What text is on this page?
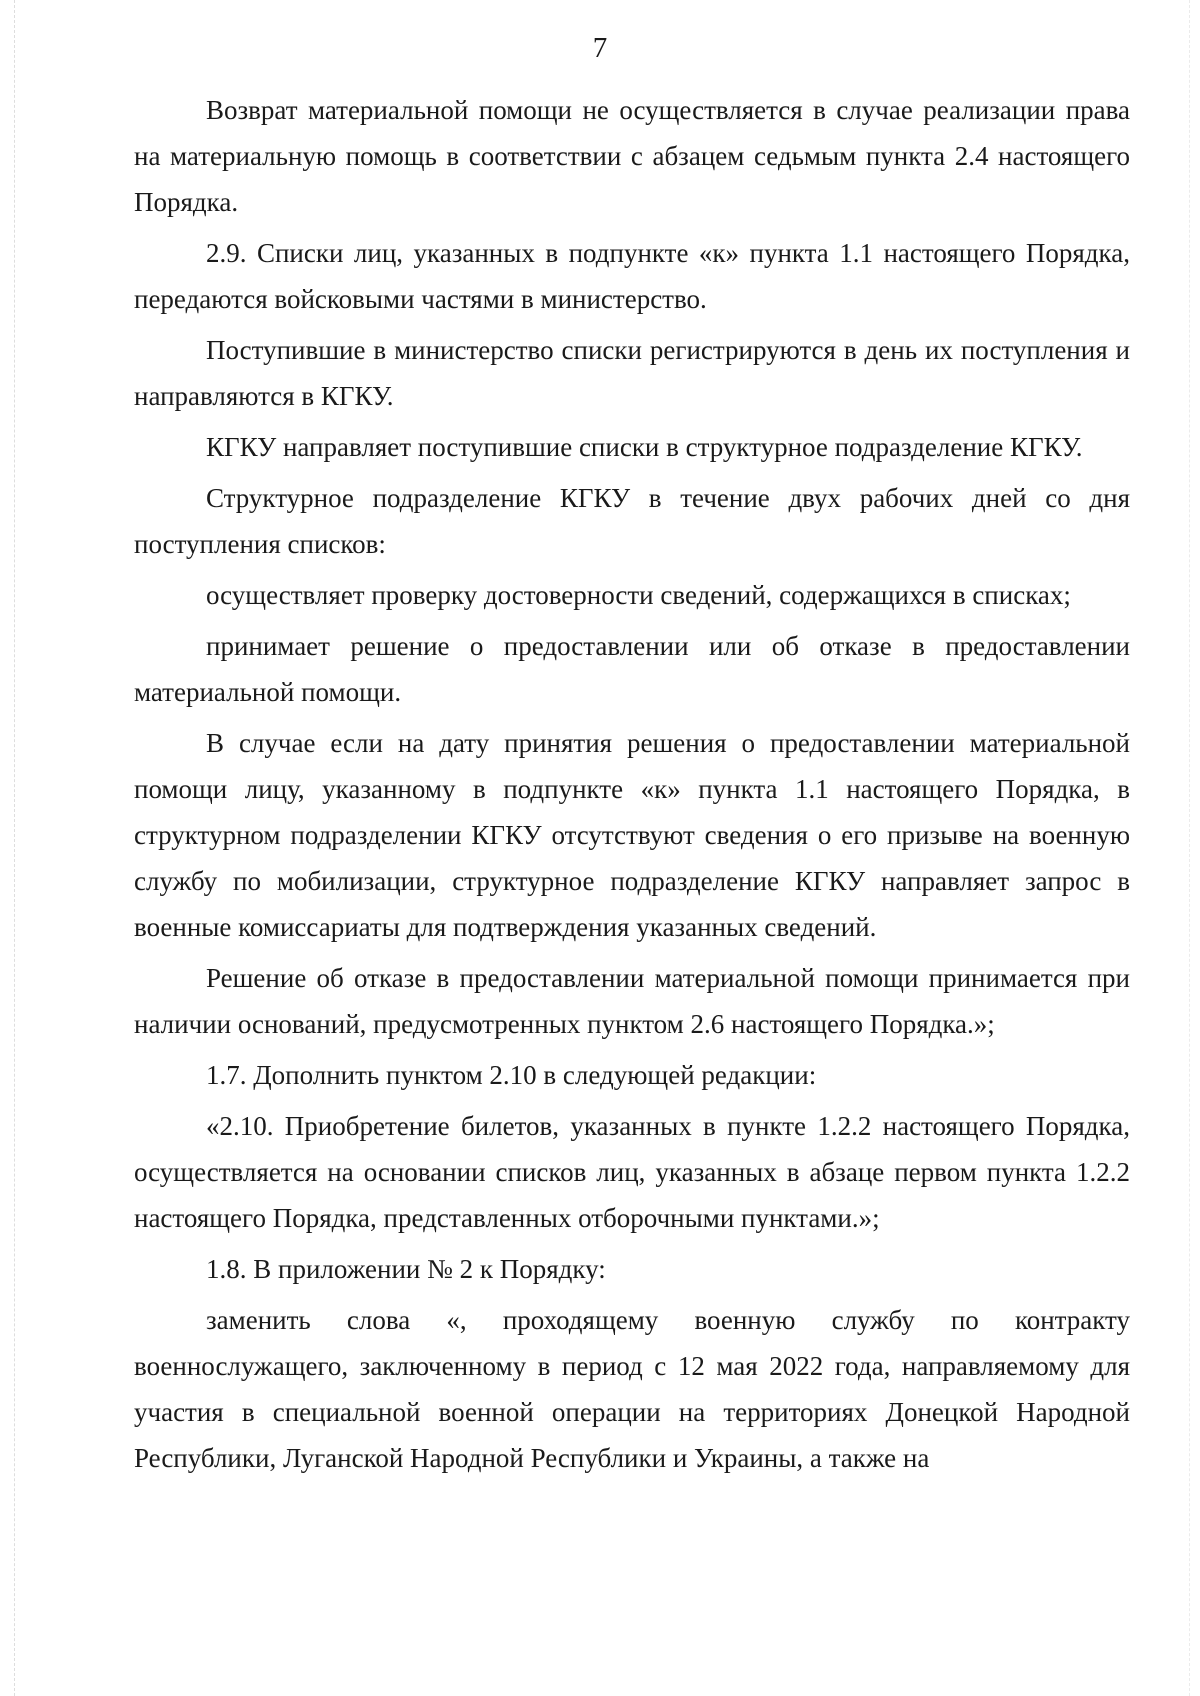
7

Возврат материальной помощи не осуществляется в случае реализации права на материальную помощь в соответствии с абзацем седьмым пункта 2.4 настоящего Порядка.

2.9. Списки лиц, указанных в подпункте «к» пункта 1.1 настоящего Порядка, передаются войсковыми частями в министерство.

Поступившие в министерство списки регистрируются в день их поступления и направляются в КГКУ.

КГКУ направляет поступившие списки в структурное подразделение КГКУ.

Структурное подразделение КГКУ в течение двух рабочих дней со дня поступления списков:

осуществляет проверку достоверности сведений, содержащихся в списках;

принимает решение о предоставлении или об отказе в предоставлении материальной помощи.

В случае если на дату принятия решения о предоставлении материальной помощи лицу, указанному в подпункте «к» пункта 1.1 настоящего Порядка, в структурном подразделении КГКУ отсутствуют сведения о его призыве на военную службу по мобилизации, структурное подразделение КГКУ направляет запрос в военные комиссариаты для подтверждения указанных сведений.

Решение об отказе в предоставлении материальной помощи принимается при наличии оснований, предусмотренных пунктом 2.6 настоящего Порядка.»;

1.7. Дополнить пунктом 2.10 в следующей редакции:

«2.10. Приобретение билетов, указанных в пункте 1.2.2 настоящего Порядка, осуществляется на основании списков лиц, указанных в абзаце первом пункта 1.2.2 настоящего Порядка, представленных отборочными пунктами.»;

1.8. В приложении № 2 к Порядку:

заменить слова «, проходящему военную службу по контракту военнослужащего, заключенному в период с 12 мая 2022 года, направляемому для участия в специальной военной операции на территориях Донецкой Народной Республики, Луганской Народной Республики и Украины, а также на
